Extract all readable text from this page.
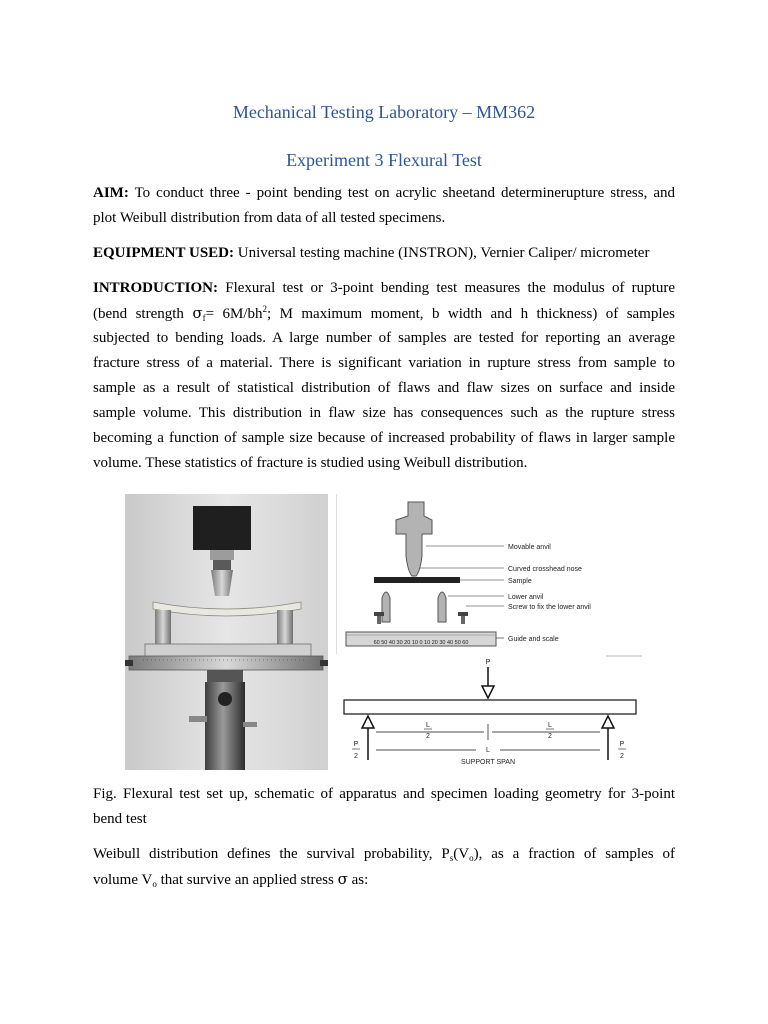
Mechanical Testing Laboratory – MM362
Experiment 3 Flexural Test
AIM: To conduct three - point bending test on acrylic sheetand determinerupture stress, and
plot Weibull distribution from data of all tested specimens.
EQUIPMENT USED: Universal testing machine (INSTRON), Vernier Caliper/ micrometer
INTRODUCTION: Flexural test or 3-point bending test measures the modulus of rupture
(bend strength $\sigma_f= 6M/bh^2$; M maximum moment, b width and h thickness) of samples
subjected to bending loads. A large number of samples are tested for reporting an average
fracture stress of a material. There is significant variation in rupture stress from sample to
sample as a result of statistical distribution of flaws and flaw sizes on surface and inside
sample volume. This distribution in flaw size has consequences such as the rupture stress
becoming a function of sample size because of increased probability of flaws in larger sample
volume. These statistics of fracture is studied using Weibull distribution.
60 50 40 30 20 10 0 10 20 30 40 50 60
Movable anvil
Curved crosshead nose
Sample
Lower anvil
Screw to fix the lower anvil
Guide and scale
P
L
2
L
2
L
SUPPORT SPAN
P
2
P
2
Fig. Flexural test set up, schematic of apparatus and specimen loading geometry for 3-point
bend test
Weibull distribution defines the survival probability, $P_s(V_o)$, as a fraction of samples of
volume $V_o$ that survive an applied stress σ as:
